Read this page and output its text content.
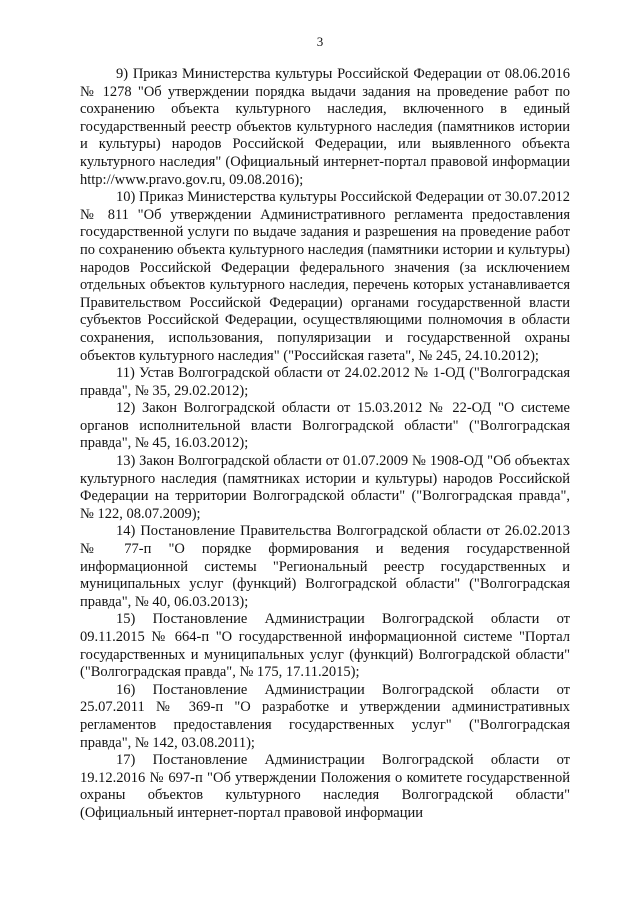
3

9) Приказ Министерства культуры Российской Федерации от 08.06.2016 № 1278 "Об утверждении порядка выдачи задания на проведение работ по сохранению объекта культурного наследия, включенного в единый государственный реестр объектов культурного наследия (памятников истории и культуры) народов Российской Федерации, или выявленного объекта культурного наследия" (Официальный интернет-портал правовой информации http://www.pravo.gov.ru, 09.08.2016);

10) Приказ Министерства культуры Российской Федерации от 30.07.2012 № 811 "Об утверждении Административного регламента предоставления государственной услуги по выдаче задания и разрешения на проведение работ по сохранению объекта культурного наследия (памятники истории и культуры) народов Российской Федерации федерального значения (за исключением отдельных объектов культурного наследия, перечень которых устанавливается Правительством Российской Федерации) органами государственной власти субъектов Российской Федерации, осуществляющими полномочия в области сохранения, использования, популяризации и государственной охраны объектов культурного наследия" ("Российская газета", № 245, 24.10.2012);

11) Устав Волгоградской области от 24.02.2012 № 1-ОД ("Волгоградская правда", № 35, 29.02.2012);

12) Закон Волгоградской области от 15.03.2012 № 22-ОД "О системе органов исполнительной власти Волгоградской области" ("Волгоградская правда", № 45, 16.03.2012);

13) Закон Волгоградской области от 01.07.2009 № 1908-ОД "Об объектах культурного наследия (памятниках истории и культуры) народов Российской Федерации на территории Волгоградской области" ("Волгоградская правда", № 122, 08.07.2009);

14) Постановление Правительства Волгоградской области от 26.02.2013 № 77-п "О порядке формирования и ведения государственной информационной системы "Региональный реестр государственных и муниципальных услуг (функций) Волгоградской области" ("Волгоградская правда", № 40, 06.03.2013);

15) Постановление Администрации Волгоградской области от 09.11.2015 № 664-п "О государственной информационной системе "Портал государственных и муниципальных услуг (функций) Волгоградской области" ("Волгоградская правда", № 175, 17.11.2015);

16) Постановление Администрации Волгоградской области от 25.07.2011 № 369-п "О разработке и утверждении административных регламентов предоставления государственных услуг" ("Волгоградская правда", № 142, 03.08.2011);

17) Постановление Администрации Волгоградской области от 19.12.2016 № 697-п "Об утверждении Положения о комитете государственной охраны объектов культурного наследия Волгоградской области" (Официальный интернет-портал правовой информации
